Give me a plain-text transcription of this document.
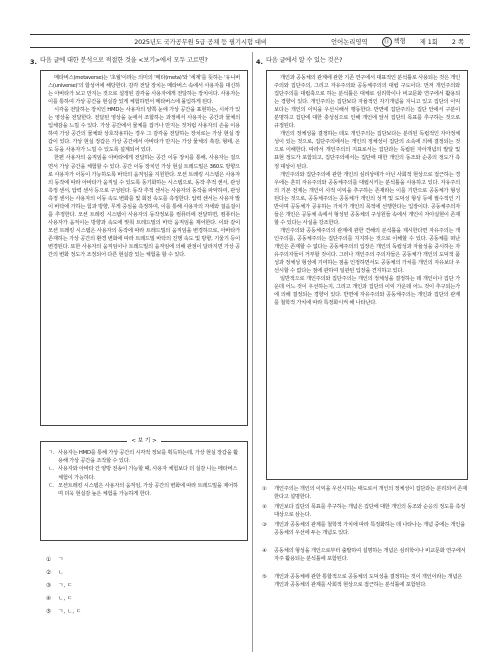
2025년도 국가공무원 5급 공채 등 필기시험 대비	언어논리영역	⑪ 책형 제 1회 2 쪽
3. 다음 글에 대한 분석으로 적절한 것을 <보기>에서 모두 고르면?

메타버스(metaverse)는 '초월'이라는 의미의 '메타(meta)'와 '세계'를 뜻하는 '유니버스(universe)'의 합성어에 해당한다. 감각 전달 장치는 메타버스 속에서 사용자를 대신하는 아바타가 보고 만지는 것으로 설정된 감각을 사용자에게 전달하는 장치이다. 사용자는 이를 통하여 가상 공간을 현실감 있게 체험하면서 메타버스에 몰입하게 된다.

시각을 전달하는 장치인 HMD는 사용자의 양쪽 눈에 가상 공간을 표현하는, 시차가 있는 영상을 전달한다. 전달된 영상을 눈에서 조합하는 과정에서 사용자는 공간과 물체의 입체감을 느낄 수 있다. 가상 공간에서 물체를 잡거나 만지는 것처럼 사용자의 손을 이용하여 가상 공간의 물체와 상호작용하는 경우 그 감각을 전달하는 장치로는 가상 현실 장갑이 있다. 가상 현실 장갑은 가상 공간에서 아바타가 만지는 가상 물체의 촉감, 형태, 온도 등을 사용자가 느낄 수 있도록 설계되어 있다.

한편 사용자의 움직임을 아바타에게 전달하는 공간 이동 장치를 통해, 사용자는 걸으면서 가상 공간을 체험할 수 있다. 공간 이동 장치인 가상 현실 트레드밀은 360도 방향으로 사용자가 이동이 가능하도록 바닥의 움직임을 지원한다. 모션 트레킹 시스템은 사용자의 동작에 따라 아바타가 움직일 수 있도록 동기화하는 시스템으로, 동작 추적 센서, 관성 측정 센서, 압력 센서 등으로 구성된다. 동작 추적 센서는 사용자의 동작을 파악하여, 관성 측정 센서는 사용자의 이동 속도 변화를 및 회전 속도를 측정한다. 압력 센서는 사용자 발이 바닥에 가하는 힘과 방향, 무게 중심을 측정하여, 이를 통해 사용자의 자세와 걸음걸이를 추정한다. 모션 트레킹 시스템이 사용자의 동작정보를 컴퓨터에 전달하면, 컴퓨터는 사용자가 움직이는 방향과 속도에 맞춰 트레드밀의 바닥 움직임을 제어한다. 이와 같이 모션 트레킹 시스템은 사용자의 동작에 따라 트레드밀의 움직임을 변경하므로, 아바타가 존재하는 가상 공간의 환경 변화에 따라 트레드밀 바닥의 진행 속도 및 방향, 기울기 등이 변경된다. 또한 사용자의 움직임이나 트레드밀의 움직임에 의해 관점이 달라지면 가상 공간의 변화 정도가 조정되어 다른 현실감 있는 체험을 할 수 있다.

< 보 기 >
ㄱ. 사용자는 HMD를 통해 가상 공간의 시각적 정보를 획득하는데, 가상 현실 장갑을 활용해 가상 공간을 조작할 수 있다.
ㄴ. 사용자와 아바타 간 양방 전송이 가능할 때, 사용자 체험보다 더 실감 나는 메타버스 체험이 가능하다.
ㄷ. 모션트레킹 시스템은 사용자의 움직임, 가상 공간의 변화에 따라 트레드밀을 제어하며 더욱 현실감 높은 체험을 가능하게 한다.
①	ㄱ
②	ㄴ
③	ㄱ, ㄷ
④	ㄴ, ㄷ
⑤	ㄱ, ㄴ, ㄷ
4. 다음 글에서 알 수 있는 것은?

개인과 공동체의 관계에 관한 기존 연구에서 대표적인 분석틀로 사용되는 것은 개인주의와 집단주의, 그리고 자유주의와 공동체주의의 대립 구도이다. 먼저 개인주의와 집단주의를 대립축으로 하는 분석틀은 대체로 심리학이나 비교문화 연구에서 활용되는 경향이 있다. 개인주의는 집단보다 자율적인 자기개념을 지니고 있고 집단의 이익보다는 개인의 이익을 우선시해서 행동한다. 반면에 집단주의는 집단 안에서 구분이 분명하고 집단에 대한 충성심으로 인해 개인에 앞서 집단의 목표를 추구하는 것으로 규정된다.

개인의 정체성을 결정하는 데도 개인주의는 집단보다는 분리된 독립적인 자아정체성이 있는 것으로, 집단주의에서는 개인의 정체성이 집단의 소속에 의해 결정되는 것으로 이해한다. 따라서 개인주의의 지표로서는 집단과는 독립된 자아개념의 발달 및 표현 정도가 포함되고, 집단주의에서는 집단에 대한 개인의 동조와 순종의 정도가 측정 대상이 된다.

개인주의와 집단주의에 관한 개인의 심리상태가 아닌 사회적 현상으로 접근하는 경우에는 흔히 자유주의와 공동체주의를 대립시키는 분석틀을 사용하고 있다. 자유주의의 기본 전제는 개인이 사적 이익을 추구하는 존재라는 이를 기반으로 공동체가 형성된다는 것으로, 공동체주의는 공동체가 개인의 성격 및 도덕성 형성 등에 필수적인 기반이며 공동체가 공유하는 가치가 개인의 목적에 선행한다는 입장이다. 공동체주의자들은 개인은 공동체 속에서 형성된 공동체의 구성원들 속에서 개인이 자아실현이 존재할 수 있다는 사실을 강조한다.

개인주의와 공동체주의의 관계에 관한 견해의 분석틀을 제시한다면 자유주의는 개인주의를, 공동체주의는 집단주의를 지지하는 것으로 이해할 수 있다. 공동체를 떠난 개인은 존재할 수 없다는 공동체주의의 입장은 개인의 독립성과 자율성을 중시하는 자유주의자들이 거부할 것이다. 그러나 개인주의 주의자들은 공동체가 개인의 도덕적 품성과 정체성 형성에 기여하는 점을 인정하면서도 공동체의 가치를 개인의 자유보다 우선시할 수 없다는 점에 관하여 일관된 입장을 견지하고 있다.

일반적으로 개인주의와 집단주의는 개인의 정체성을 결정하는 데 개인이나 집단 가운데 어느 것이 우선하는지, 그리고 개인과 집단의 이익 가운데 어느 것이 추구되는가에 의해 결정되는 경향이 있다. 반면에 자유주의와 공동체주의는 개인과 집단의 관계를 철학적 가치에 따라 특정화시켜 해 나타난다.

①	개인주의는 개인의 이익을 우선시하는 태도로서 개인의 정체성이 집단과는 분리되어 존재한다고 설명한다.
②	개인보다 집단의 목표를 추구하는 개념은 집단에 대한 개인의 동조와 순응의 정도를 측정 대상으로 삼는다.
③	개인과 공동체의 관계를 철학적 가치에 따라 특정화하는 데 나타나는 개념 중에는 개인을 공동체의 우선에 두는 개념도 있다.
④	공동체의 형성을 개인으로부터 출발하여 설명하는 개념은 심리학이나 비교문화 연구에서 자주 활용되는 분석틀에 포함된다.
⑤	개인과 공동체에 관한 통합적으로 공동체의 도덕성을 결정하는 것이 개인이라는 개념은 개인과 공동체의 관계를 사회적 현상으로 접근하는 분석틀에 포함된다.
